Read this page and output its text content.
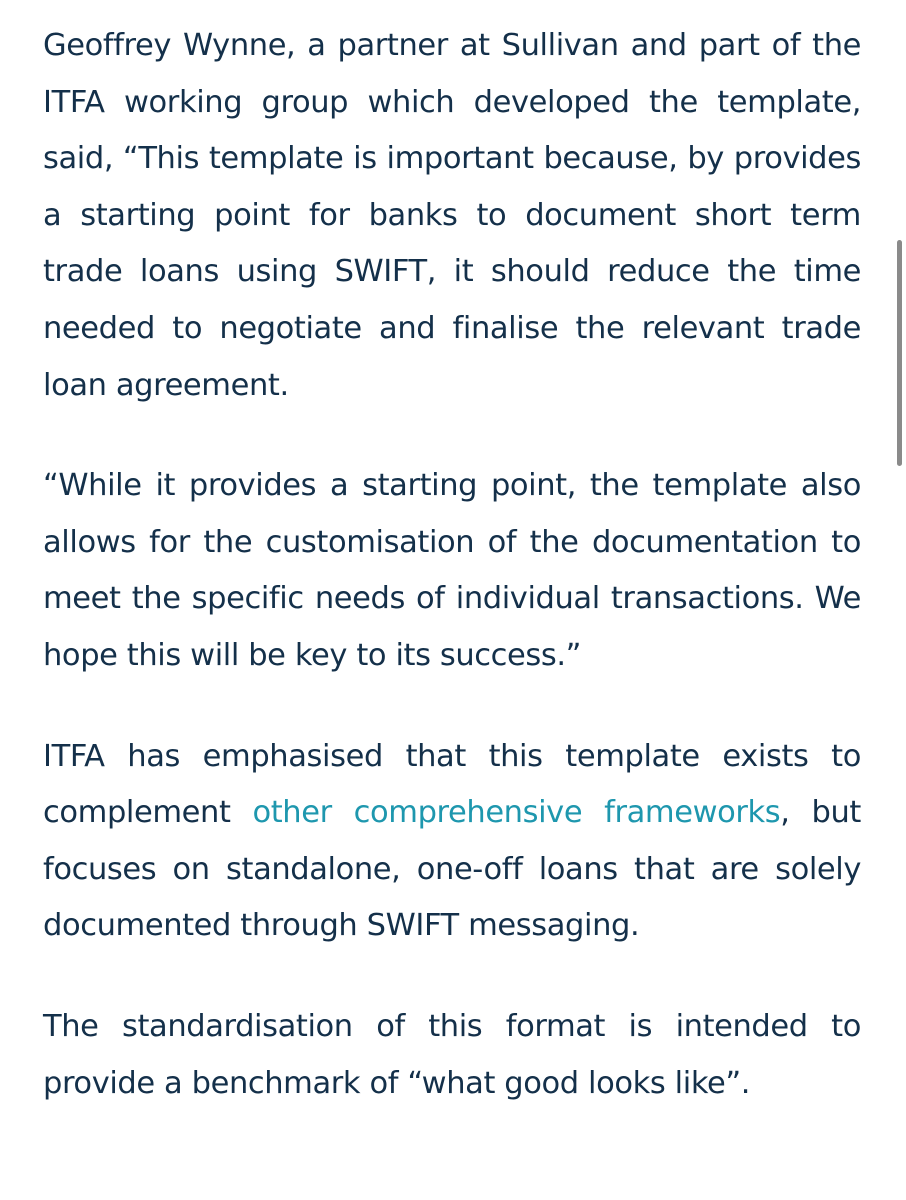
Geoffrey Wynne, a partner at Sullivan and part of the ITFA working group which developed the template, said, “This template is important because, by provides a starting point for banks to document short term trade loans using SWIFT, it should reduce the time needed to negotiate and finalise the relevant trade loan agreement.

“While it provides a starting point, the template also allows for the customisation of the documentation to meet the specific needs of individual transactions. We hope this will be key to its success.”

ITFA has emphasised that this template exists to complement other comprehensive frameworks, but focuses on standalone, one-off loans that are solely documented through SWIFT messaging.

The standardisation of this format is intended to provide a benchmark of “what good looks like”.
